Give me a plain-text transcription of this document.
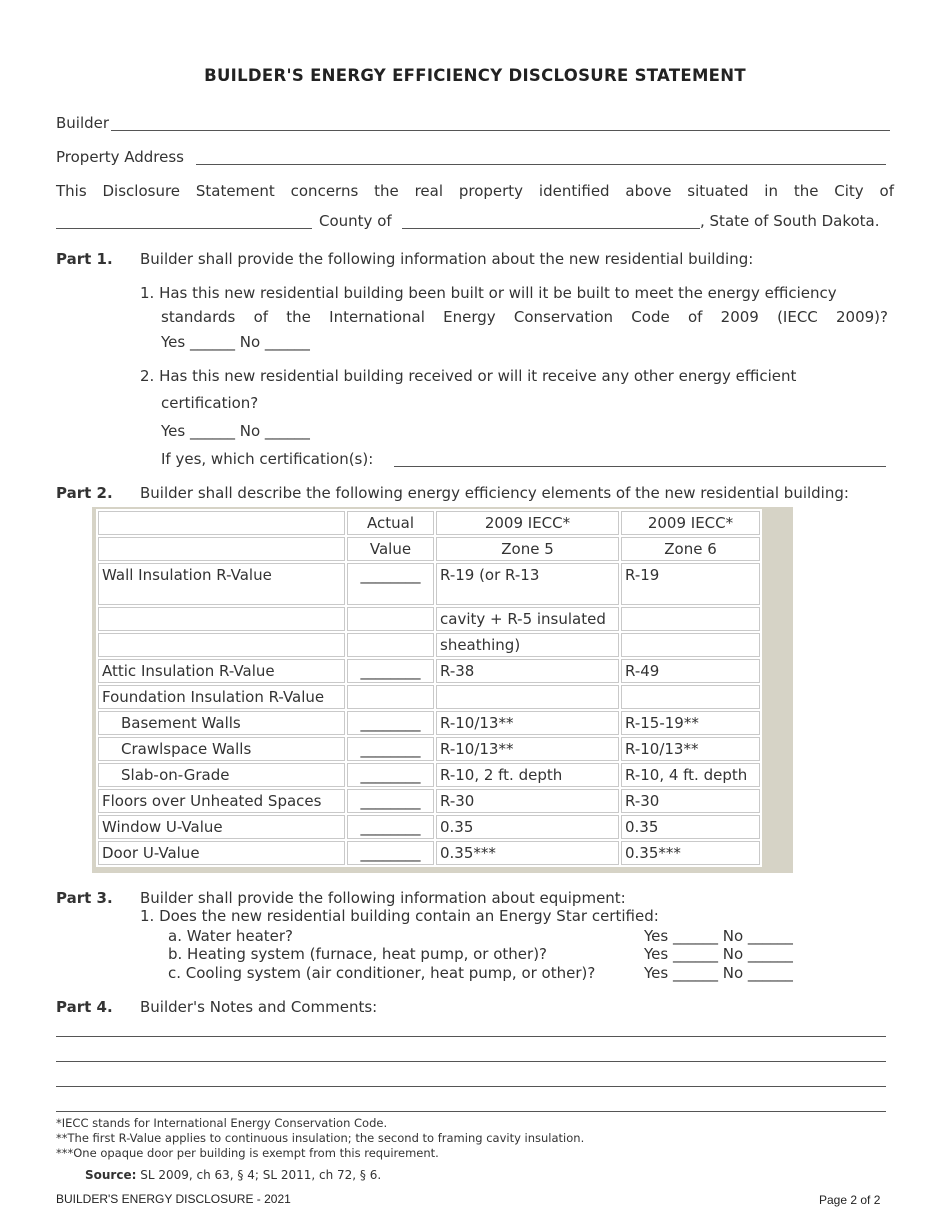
BUILDER'S ENERGY EFFICIENCY DISCLOSURE STATEMENT
Builder
Property Address
This Disclosure Statement concerns the real property identified above situated in the City of
County of	, State of South Dakota.
Part 1. Builder shall provide the following information about the new residential building:
1. Has this new residential building been built or will it be built to meet the energy efficiency
standards of the International Energy Conservation Code of 2009 (IECC 2009)?
Yes ______ No ______
2. Has this new residential building received or will it receive any other energy efficient
certification?
Yes ______ No ______
If yes, which certification(s):
Part 2. Builder shall describe the following energy efficiency elements of the new residential building:
	Actual	2009 IECC*	2009 IECC*
	Value	Zone 5	Zone 6
Wall Insulation R-Value	________	R-19 (or R-13	R-19
		cavity + R-5 insulated	
		sheathing)	
Attic Insulation R-Value	________	R-38	R-49
Foundation Insulation R-Value			
Basement Walls	________	R-10/13**	R-15-19**
Crawlspace Walls	________	R-10/13**	R-10/13**
Slab-on-Grade	________	R-10, 2 ft. depth	R-10, 4 ft. depth
Floors over Unheated Spaces	________	R-30	R-30
Window U-Value	________	0.35	0.35
Door U-Value	________	0.35***	0.35***
Part 3. Builder shall provide the following information about equipment:
1. Does the new residential building contain an Energy Star certified:
a. Water heater?	Yes ______ No ______
b. Heating system (furnace, heat pump, or other)?	Yes ______ No ______
c. Cooling system (air conditioner, heat pump, or other)?	Yes ______ No ______
Part 4. Builder's Notes and Comments:
*IECC stands for International Energy Conservation Code.
**The first R-Value applies to continuous insulation; the second to framing cavity insulation.
***One opaque door per building is exempt from this requirement.
Source: SL 2009, ch 63, § 4; SL 2011, ch 72, § 6.
BUILDER'S ENERGY DISCLOSURE - 2021	Page 2 of 2
